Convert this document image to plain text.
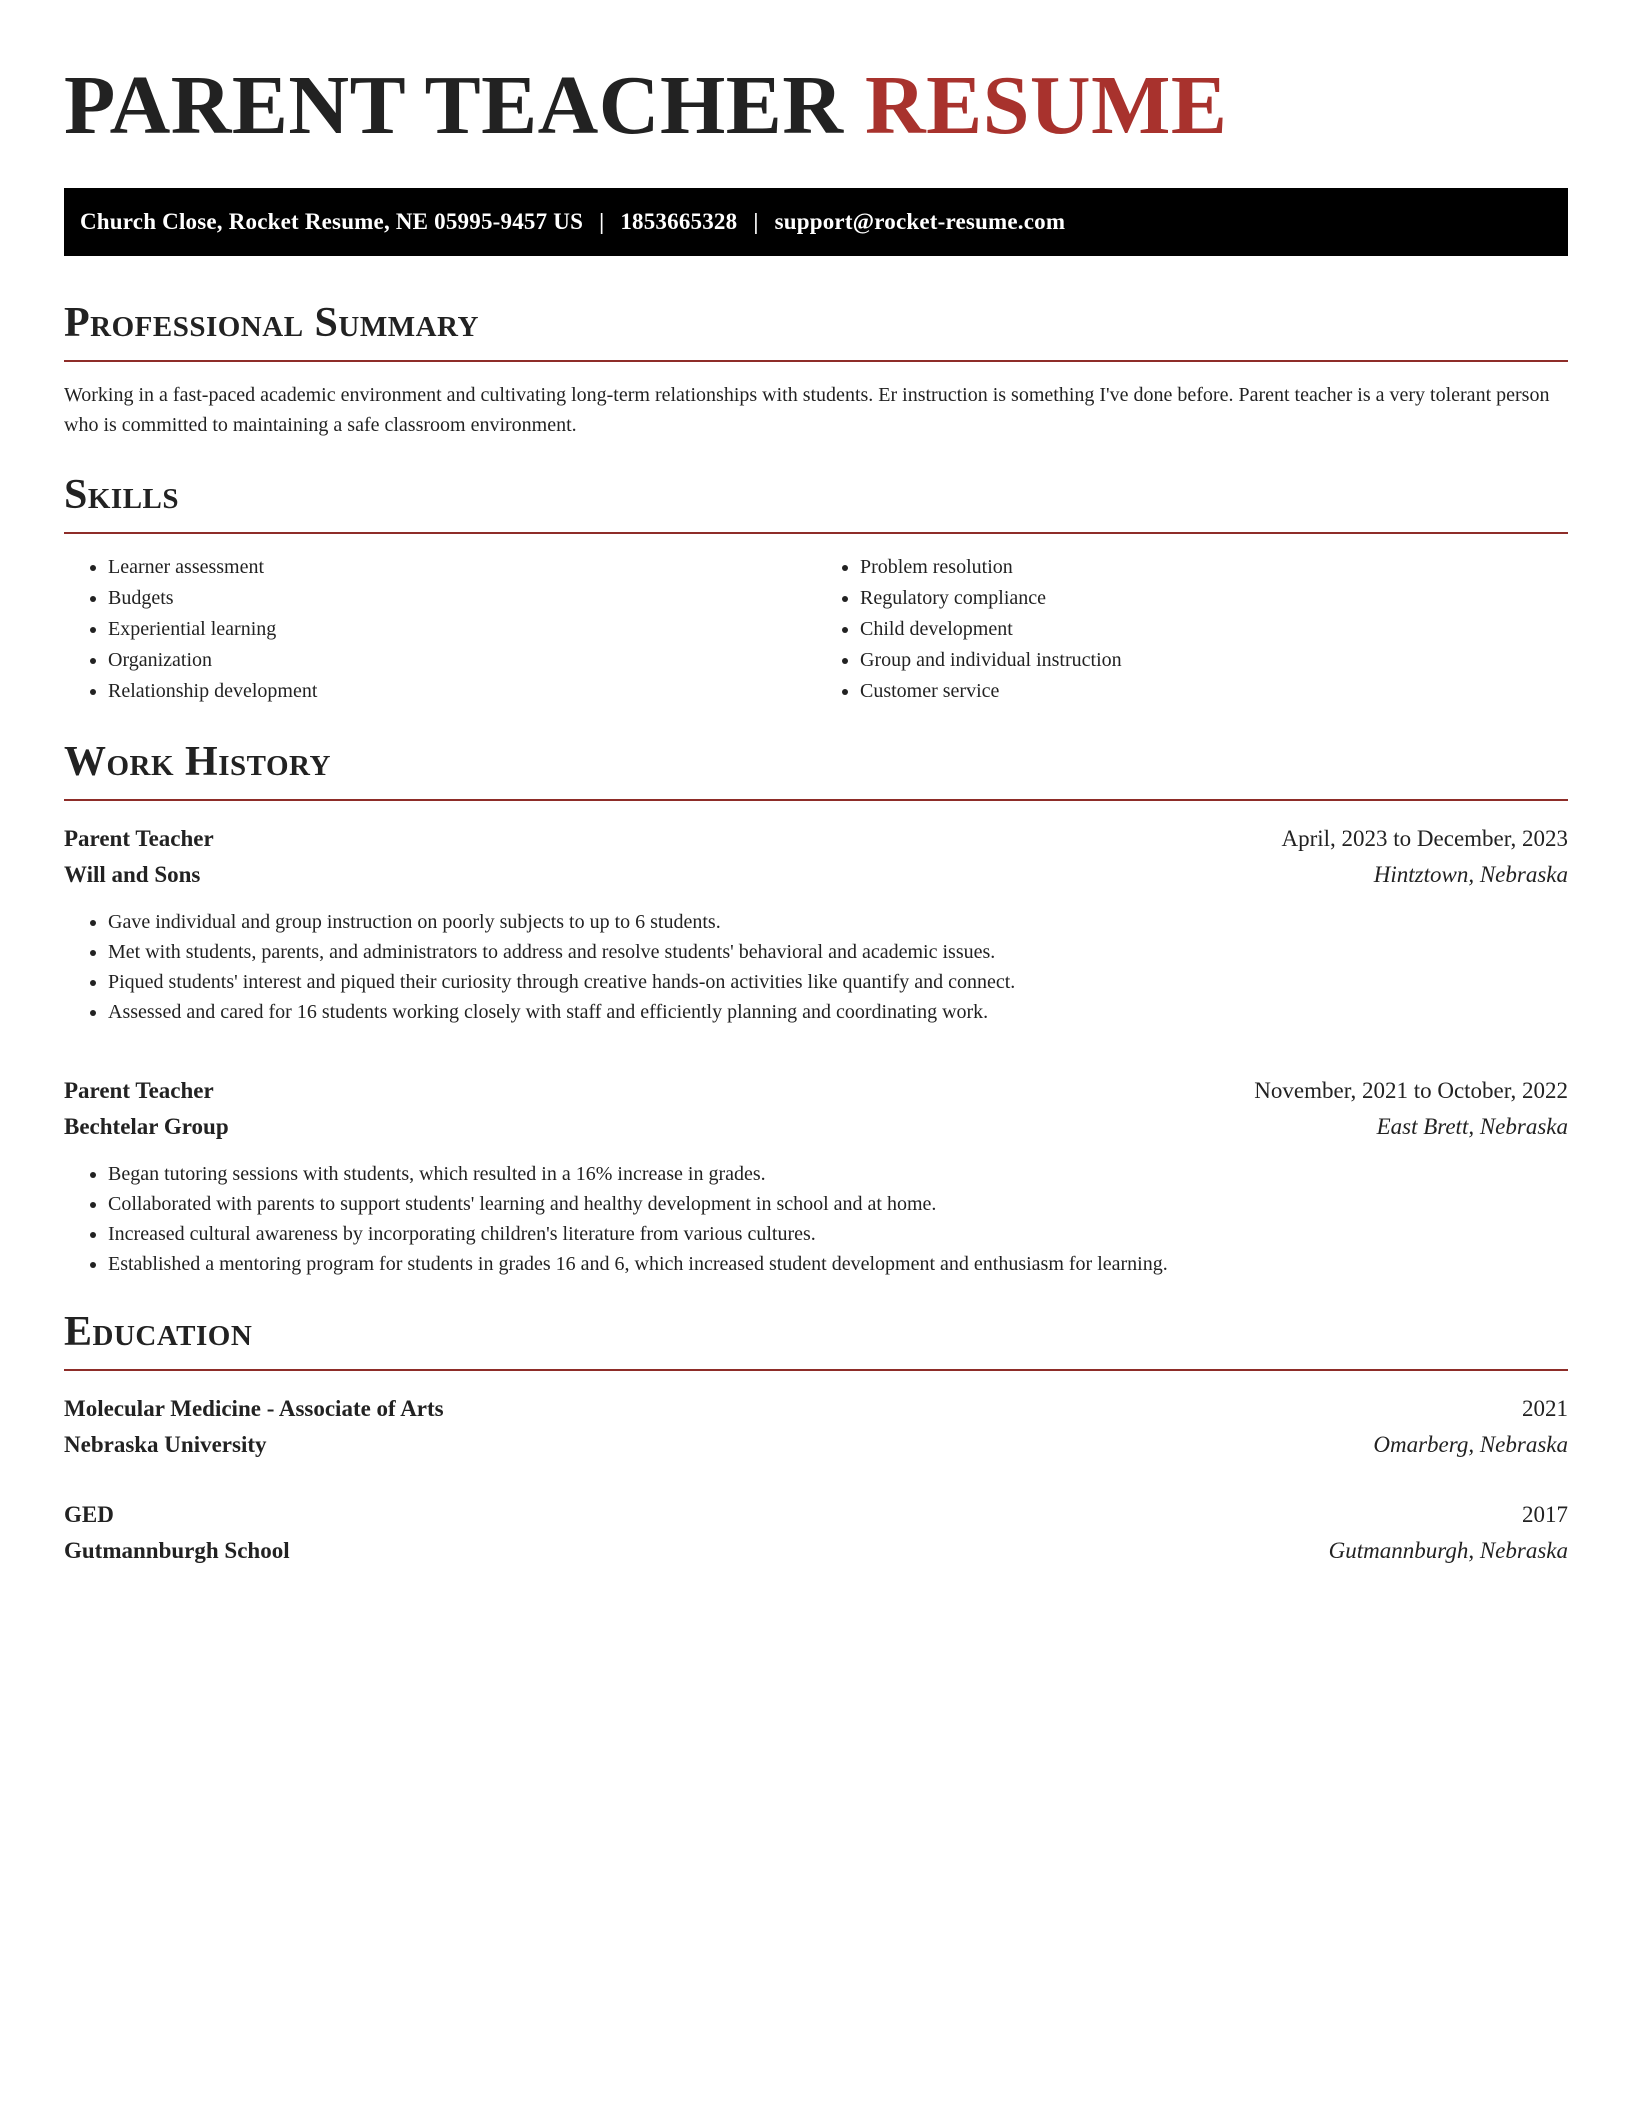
PARENT TEACHER RESUME
Church Close, Rocket Resume, NE 05995-9457 US | 1853665328 | support@rocket-resume.com
Professional Summary

Working in a fast-paced academic environment and cultivating long-term relationships with students. Er instruction is something I've done before. Parent teacher is a very tolerant person who is committed to maintaining a safe classroom environment.

Skills
• Learner assessment
• Budgets
• Experiential learning
• Organization
• Relationship development
• Problem resolution
• Regulatory compliance
• Child development
• Group and individual instruction
• Customer service
Work History
Parent Teacher	April, 2023 to December, 2023
Will and Sons	Hintztown, Nebraska
• Gave individual and group instruction on poorly subjects to up to 6 students.
• Met with students, parents, and administrators to address and resolve students' behavioral and academic issues.
• Piqued students' interest and piqued their curiosity through creative hands-on activities like quantify and connect.
• Assessed and cared for 16 students working closely with staff and efficiently planning and coordinating work.
Parent Teacher	November, 2021 to October, 2022
Bechtelar Group	East Brett, Nebraska
• Began tutoring sessions with students, which resulted in a 16% increase in grades.
• Collaborated with parents to support students' learning and healthy development in school and at home.
• Increased cultural awareness by incorporating children's literature from various cultures.
• Established a mentoring program for students in grades 16 and 6, which increased student development and enthusiasm for learning.
Education
Molecular Medicine - Associate of Arts	2021
Nebraska University	Omarberg, Nebraska
GED	2017
Gutmannburgh School	Gutmannburgh, Nebraska
